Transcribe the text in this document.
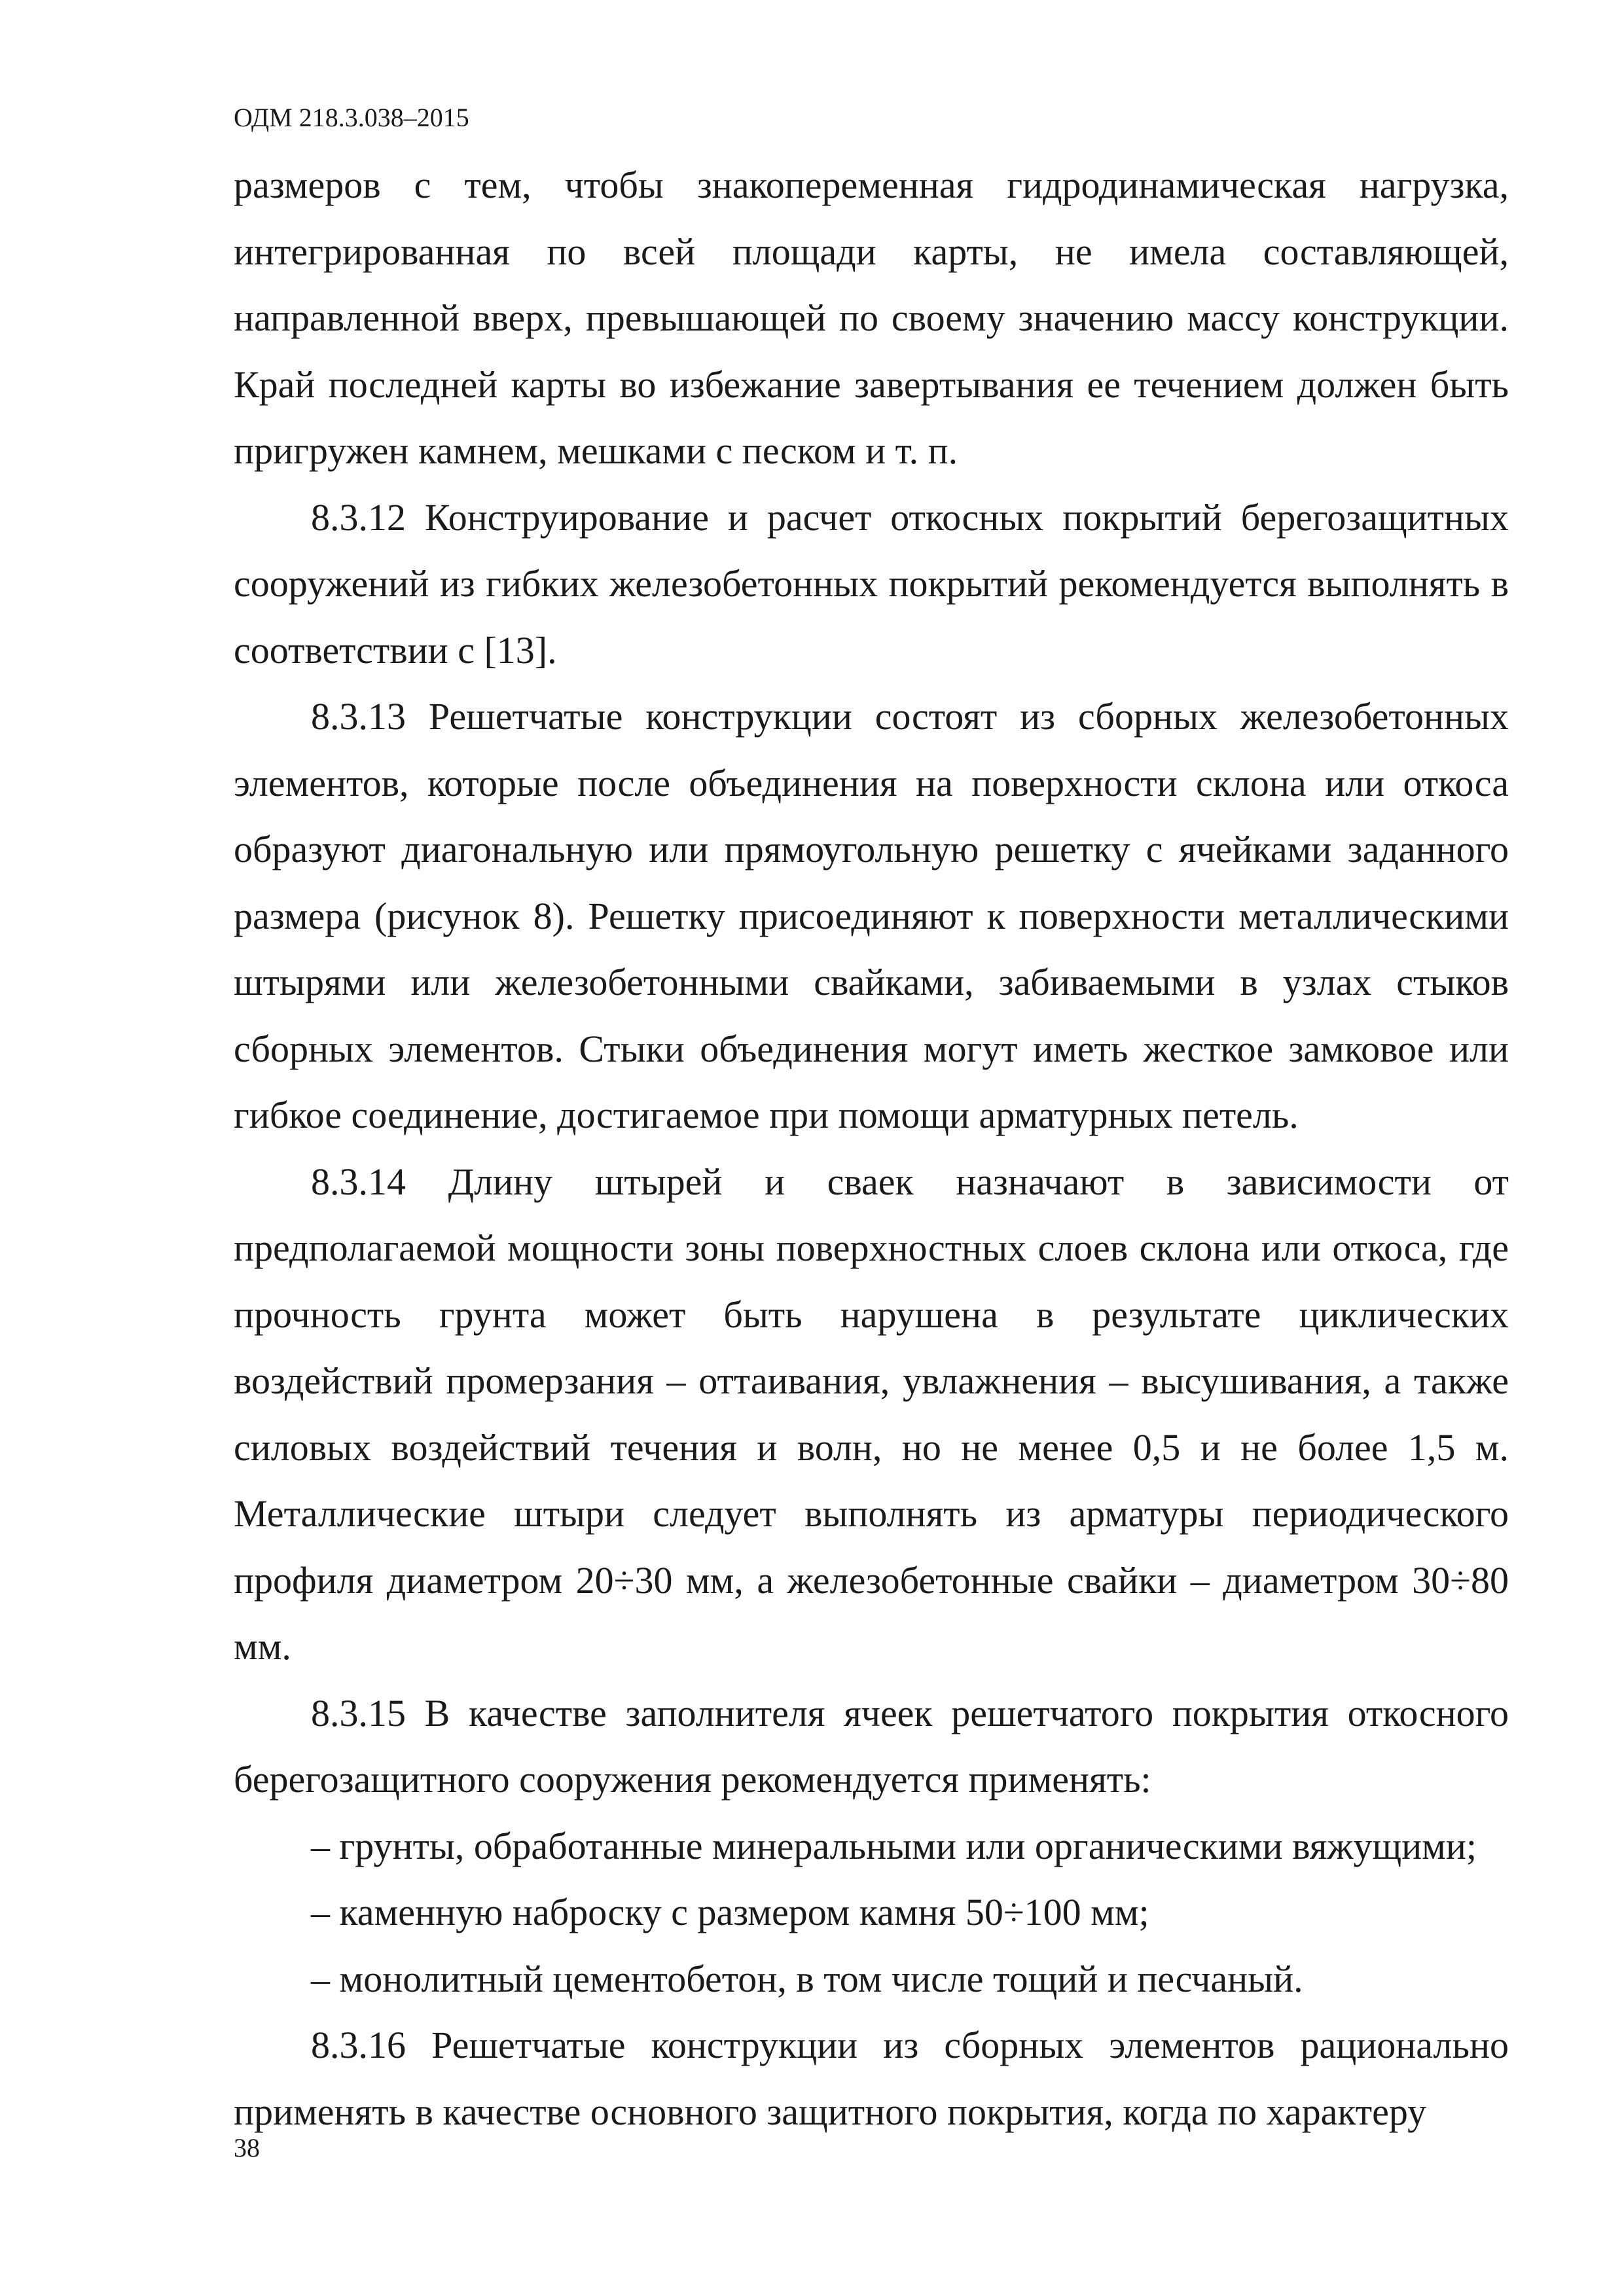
ОДМ 218.3.038–2015

размеров с тем, чтобы знакопеременная гидродинамическая нагрузка, интегрированная по всей площади карты, не имела составляющей, направленной вверх, превышающей по своему значению массу конструкции. Край последней карты во избежание завертывания ее течением должен быть пригружен камнем, мешками с песком и т. п.

8.3.12 Конструирование и расчет откосных покрытий берегозащитных сооружений из гибких железобетонных покрытий рекомендуется выполнять в соответствии с [13].

8.3.13 Решетчатые конструкции состоят из сборных железобетонных элементов, которые после объединения на поверхности склона или откоса образуют диагональную или прямоугольную решетку с ячейками заданного размера (рисунок 8). Решетку присоединяют к поверхности металлическими штырями или железобетонными свайками, забиваемыми в узлах стыков сборных элементов. Стыки объединения могут иметь жесткое замковое или гибкое соединение, достигаемое при помощи арматурных петель.

8.3.14 Длину штырей и сваек назначают в зависимости от предполагаемой мощности зоны поверхностных слоев склона или откоса, где прочность грунта может быть нарушена в результате циклических воздействий промерзания – оттаивания, увлажнения – высушивания, а также силовых воздействий течения и волн, но не менее 0,5 и не более 1,5 м. Металлические штыри следует выполнять из арматуры периодического профиля диаметром 20÷30 мм, а железобетонные свайки – диаметром 30÷80 мм.

8.3.15 В качестве заполнителя ячеек решетчатого покрытия откосного берегозащитного сооружения рекомендуется применять:

– грунты, обработанные минеральными или органическими вяжущими;
– каменную наброску с размером камня 50÷100 мм;
– монолитный цементобетон, в том числе тощий и песчаный.

8.3.16 Решетчатые конструкции из сборных элементов рационально применять в качестве основного защитного покрытия, когда по характеру

38
